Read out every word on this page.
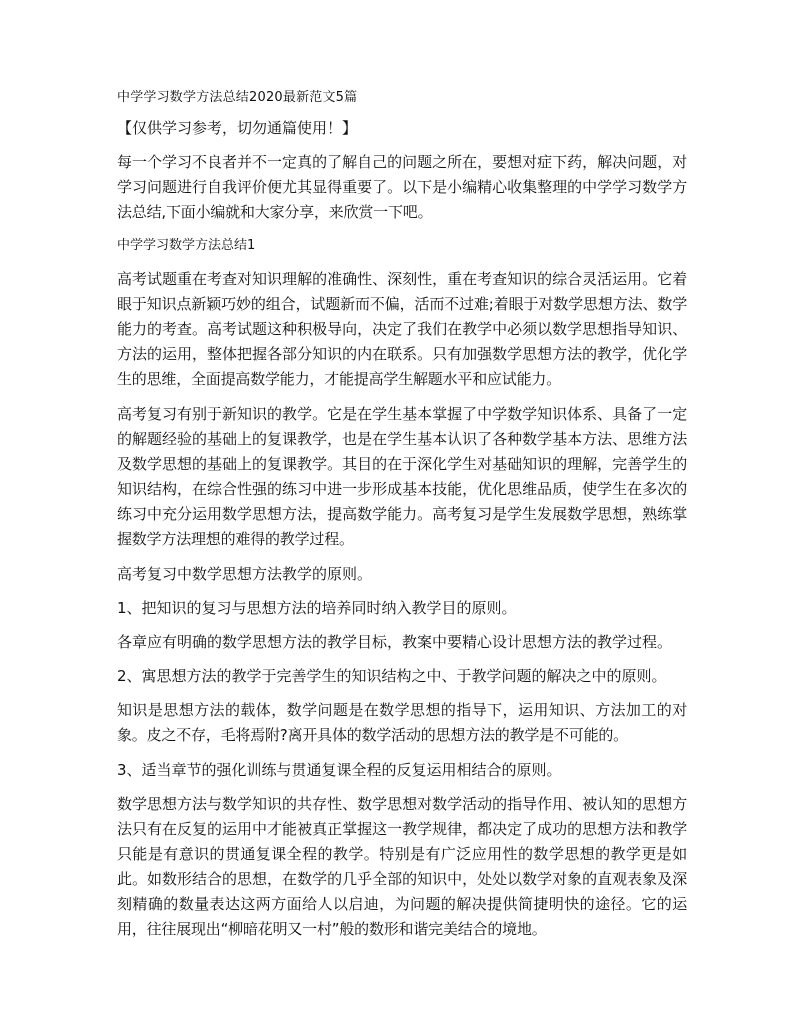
中学学习数学方法总结2020最新范文5篇

【仅供学习参考，切勿通篇使用！】

每一个学习不良者并不一定真的了解自己的问题之所在，要想对症下药，解决问题，对学习问题进行自我评价便尤其显得重要了。以下是小编精心收集整理的中学学习数学方法总结,下面小编就和大家分享，来欣赏一下吧。

中学学习数学方法总结1

高考试题重在考查对知识理解的准确性、深刻性，重在考查知识的综合灵活运用。它着眼于知识点新颖巧妙的组合，试题新而不偏，活而不过难;着眼于对数学思想方法、数学能力的考查。高考试题这种积极导向，决定了我们在教学中必须以数学思想指导知识、方法的运用，整体把握各部分知识的内在联系。只有加强数学思想方法的教学，优化学生的思维，全面提高数学能力，才能提高学生解题水平和应试能力。

高考复习有别于新知识的教学。它是在学生基本掌握了中学数学知识体系、具备了一定的解题经验的基础上的复课教学，也是在学生基本认识了各种数学基本方法、思维方法及数学思想的基础上的复课教学。其目的在于深化学生对基础知识的理解，完善学生的知识结构，在综合性强的练习中进一步形成基本技能，优化思维品质，使学生在多次的练习中充分运用数学思想方法，提高数学能力。高考复习是学生发展数学思想，熟练掌握数学方法理想的难得的教学过程。

高考复习中数学思想方法教学的原则。

1、把知识的复习与思想方法的培养同时纳入教学目的原则。

各章应有明确的数学思想方法的教学目标，教案中要精心设计思想方法的教学过程。

2、寓思想方法的教学于完善学生的知识结构之中、于教学问题的解决之中的原则。

知识是思想方法的载体，数学问题是在数学思想的指导下，运用知识、方法加工的对象。皮之不存，毛将焉附?离开具体的数学活动的思想方法的教学是不可能的。

3、适当章节的强化训练与贯通复课全程的反复运用相结合的原则。

数学思想方法与数学知识的共存性、数学思想对数学活动的指导作用、被认知的思想方法只有在反复的运用中才能被真正掌握这一教学规律，都决定了成功的思想方法和教学只能是有意识的贯通复课全程的教学。特别是有广泛应用性的数学思想的教学更是如此。如数形结合的思想，在数学的几乎全部的知识中，处处以数学对象的直观表象及深刻精确的数量表达这两方面给人以启迪，为问题的解决提供简捷明快的途径。它的运用，往往展现出“柳暗花明又一村”般的数形和谐完美结合的境地。
